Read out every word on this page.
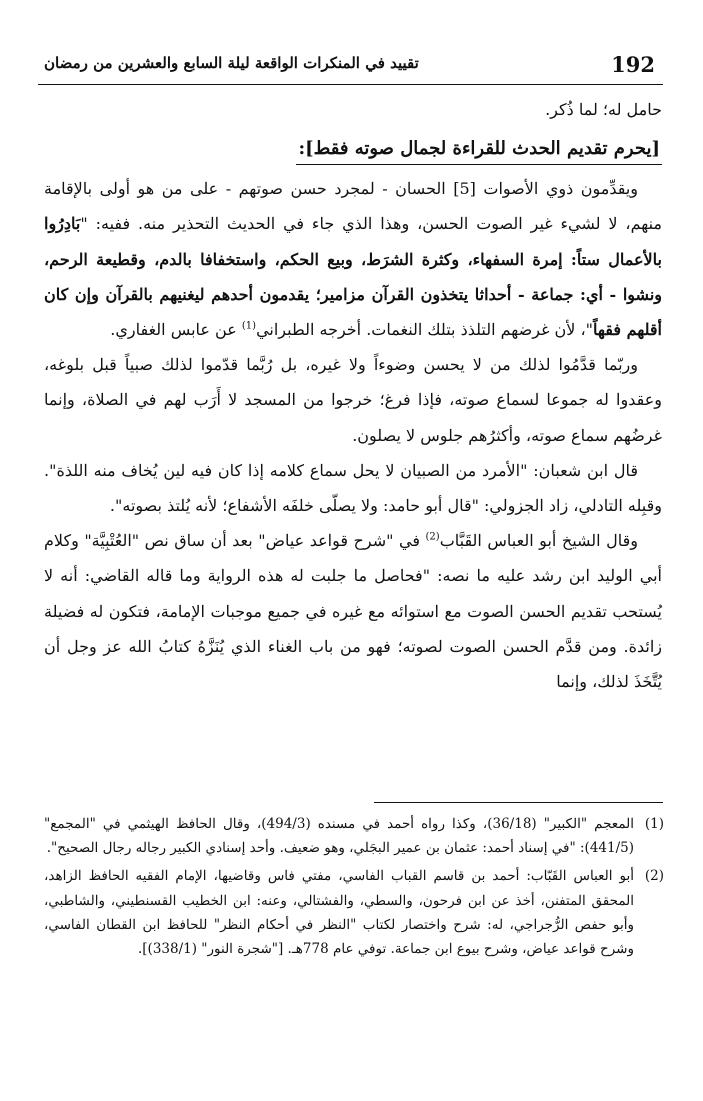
192
تقييد في المنكرات الواقعة ليلة السابع والعشرين من رمضان

حامل له؛ لما ذُكر.

[يحرم تقديم الحدث للقراءة لجمال صوته فقط]:

ويقدِّمون ذوي الأصوات [5] الحسان - لمجرد حسن صوتهم - على من هو أولى بالإقامة منهم، لا لشيء غير الصوت الحسن، وهذا الذي جاء في الحديث التحذير منه. ففيه: "بَادِرُوا بالأعمال ستاً: إمرة السفهاء، وكثرة الشرَط، وبيع الحكم، واستخفافا بالدم، وقطيعة الرحم، ونشوا - أي: جماعة - أحداثا يتخذون القرآن مزامير؛ يقدمون أحدهم ليغنيهم بالقرآن وإن كان أقلهم فقهاً"، لأن غرضهم التلذذ بتلك النغمات. أخرجه الطبراني$^{(1)}$ عن عابس الغفاري.

وربّما قدَّمُوا لذلك من لا يحسن وضوءاً ولا غيره، بل رُبَّما قدّموا لذلك صبياً قبل بلوغه، وعقدوا له جموعا لسماع صوته، فإذا فرغ؛ خرجوا من المسجد لا أَرَب لهم في الصلاة، وإنما غرضُهم سماع صوته، وأكثرُهم جلوس لا يصلون.

قال ابن شعبان: "الأمرد من الصبيان لا يحل سماع كلامه إذا كان فيه لين يُخاف منه اللذة". وقبِله التادلي، زاد الجزولي: "قال أبو حامد: ولا يصلّى خلفَه الأشفاع؛ لأنه يُلتذ بصوته".

وقال الشيخ أبو العباس القَبَّاب$^{(2)}$ في "شرح قواعد عياض" بعد أن ساق نص "العُتْبِيَّة" وكلام أبي الوليد ابن رشد عليه ما نصه: "فحاصل ما جلبت له هذه الرواية وما قاله القاضي: أنه لا يُستحب تقديم الحسن الصوت مع استوائه مع غيره في جميع موجبات الإمامة، فتكون له فضيلة زائدة. ومن قدَّم الحسن الصوت لصوته؛ فهو من باب الغناء الذي يُنَزَّهُ كتابُ الله عز وجل أن يُتَّخَذَ لذلك، وإنما

(1)
المعجم "الكبير" (36/18)، وكذا رواه أحمد في مسنده (494/3)، وقال الحافظ الهيثمي في "المجمع" (441/5): "في إسناد أحمد: عثمان بن عمير البجَلي، وهو ضعيف. وأحد إسنادي الكبير رجاله رجال الصحيح".
(2)
أبو العباس القَبّاب: أحمد بن قاسم القباب الفاسي، مفتي فاس وقاضيها، الإمام الفقيه الحافظ الزاهد، المحقق المتفنن، أخذ عن ابن فرحون، والسطي، والفشتالي، وعنه: ابن الخطيب القسنطيني، والشاطبي، وأبو حفص الرُّجراجي، له: شرح واختصار لكتاب "النظر في أحكام النظر" للحافظ ابن القطان الفاسي، وشرح قواعد عياض، وشرح بيوع ابن جماعة. توفي عام 778هـ. ["شجرة النور" (338/1)].
